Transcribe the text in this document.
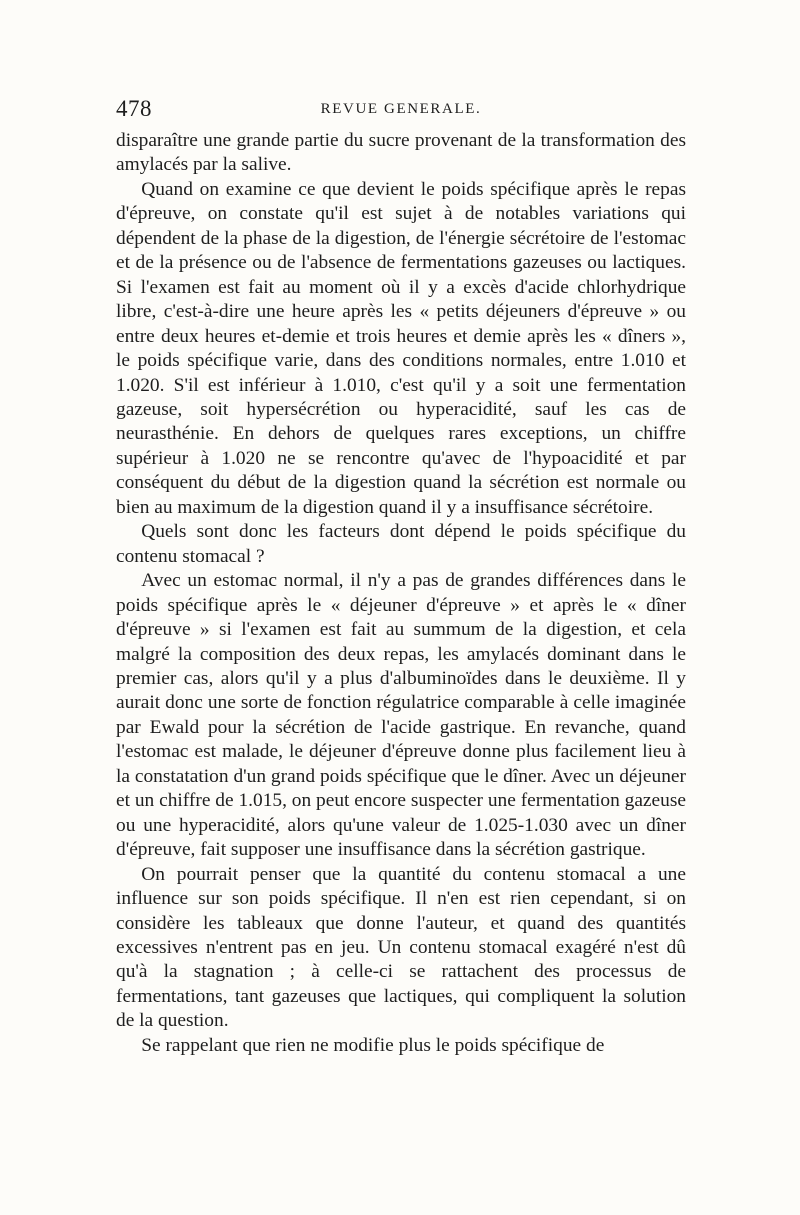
478	REVUE GENERALE.

disparaître une grande partie du sucre provenant de la transformation des amylacés par la salive.

Quand on examine ce que devient le poids spécifique après le repas d'épreuve, on constate qu'il est sujet à de notables variations qui dépendent de la phase de la digestion, de l'énergie sécrétoire de l'estomac et de la présence ou de l'absence de fermentations gazeuses ou lactiques. Si l'examen est fait au moment où il y a excès d'acide chlorhydrique libre, c'est-à-dire une heure après les « petits déjeuners d'épreuve » ou entre deux heures et-demie et trois heures et demie après les « dîners », le poids spécifique varie, dans des conditions normales, entre 1.010 et 1.020. S'il est inférieur à 1.010, c'est qu'il y a soit une fermentation gazeuse, soit hypersécrétion ou hyperacidité, sauf les cas de neurasthénie. En dehors de quelques rares exceptions, un chiffre supérieur à 1.020 ne se rencontre qu'avec de l'hypoacidité et par conséquent du début de la digestion quand la sécrétion est normale ou bien au maximum de la digestion quand il y a insuffisance sécrétoire.

Quels sont donc les facteurs dont dépend le poids spécifique du contenu stomacal ?

Avec un estomac normal, il n'y a pas de grandes différences dans le poids spécifique après le « déjeuner d'épreuve » et après le « dîner d'épreuve » si l'examen est fait au summum de la digestion, et cela malgré la composition des deux repas, les amylacés dominant dans le premier cas, alors qu'il y a plus d'albuminoïdes dans le deuxième. Il y aurait donc une sorte de fonction régulatrice comparable à celle imaginée par Ewald pour la sécrétion de l'acide gastrique. En revanche, quand l'estomac est malade, le déjeuner d'épreuve donne plus facilement lieu à la constatation d'un grand poids spécifique que le dîner. Avec un déjeuner et un chiffre de 1.015, on peut encore suspecter une fermentation gazeuse ou une hyperacidité, alors qu'une valeur de 1.025-1.030 avec un dîner d'épreuve, fait supposer une insuffisance dans la sécrétion gastrique.

On pourrait penser que la quantité du contenu stomacal a une influence sur son poids spécifique. Il n'en est rien cependant, si on considère les tableaux que donne l'auteur, et quand des quantités excessives n'entrent pas en jeu. Un contenu stomacal exagéré n'est dû qu'à la stagnation ; à celle-ci se rattachent des processus de fermentations, tant gazeuses que lactiques, qui compliquent la solution de la question.

Se rappelant que rien ne modifie plus le poids spécifique de
